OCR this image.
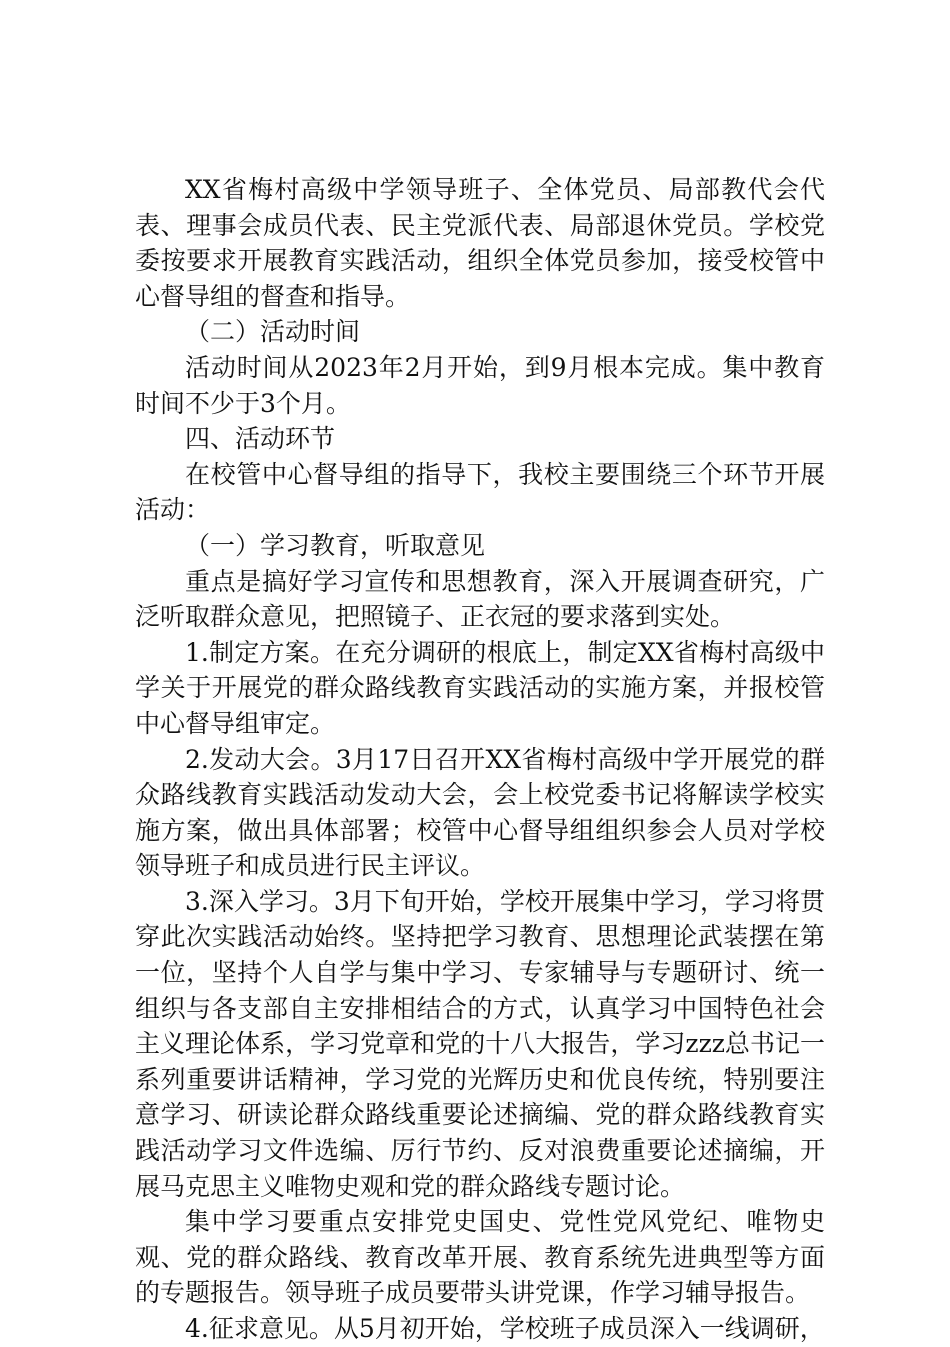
XX省梅村高级中学领导班子、全体党员、局部教代会代表、理事会成员代表、民主党派代表、局部退休党员。学校党委按要求开展教育实践活动，组织全体党员参加，接受校管中心督导组的督查和指导。

（二）活动时间

活动时间从2023年2月开始，到9月根本完成。集中教育时间不少于3个月。

四、活动环节

在校管中心督导组的指导下，我校主要围绕三个环节开展活动：

（一）学习教育，听取意见

重点是搞好学习宣传和思想教育，深入开展调查研究，广泛听取群众意见，把照镜子、正衣冠的要求落到实处。

1.制定方案。在充分调研的根底上，制定XX省梅村高级中学关于开展党的群众路线教育实践活动的实施方案，并报校管中心督导组审定。

2.发动大会。3月17日召开XX省梅村高级中学开展党的群众路线教育实践活动发动大会，会上校党委书记将解读学校实施方案，做出具体部署；校管中心督导组组织参会人员对学校领导班子和成员进行民主评议。

3.深入学习。3月下旬开始，学校开展集中学习，学习将贯穿此次实践活动始终。坚持把学习教育、思想理论武装摆在第一位，坚持个人自学与集中学习、专家辅导与专题研讨、统一组织与各支部自主安排相结合的方式，认真学习中国特色社会主义理论体系，学习党章和党的十八大报告，学习zzz总书记一系列重要讲话精神，学习党的光辉历史和优良传统，特别要注意学习、研读论群众路线重要论述摘编、党的群众路线教育实践活动学习文件选编、厉行节约、反对浪费重要论述摘编，开展马克思主义唯物史观和党的群众路线专题讨论。

集中学习要重点安排党史国史、党性党风党纪、唯物史观、党的群众路线、教育改革开展、教育系统先进典型等方面的专题报告。领导班子成员要带头讲党课，作学习辅导报告。

4.征求意见。从5月初开始，学校班子成员深入一线调研，
